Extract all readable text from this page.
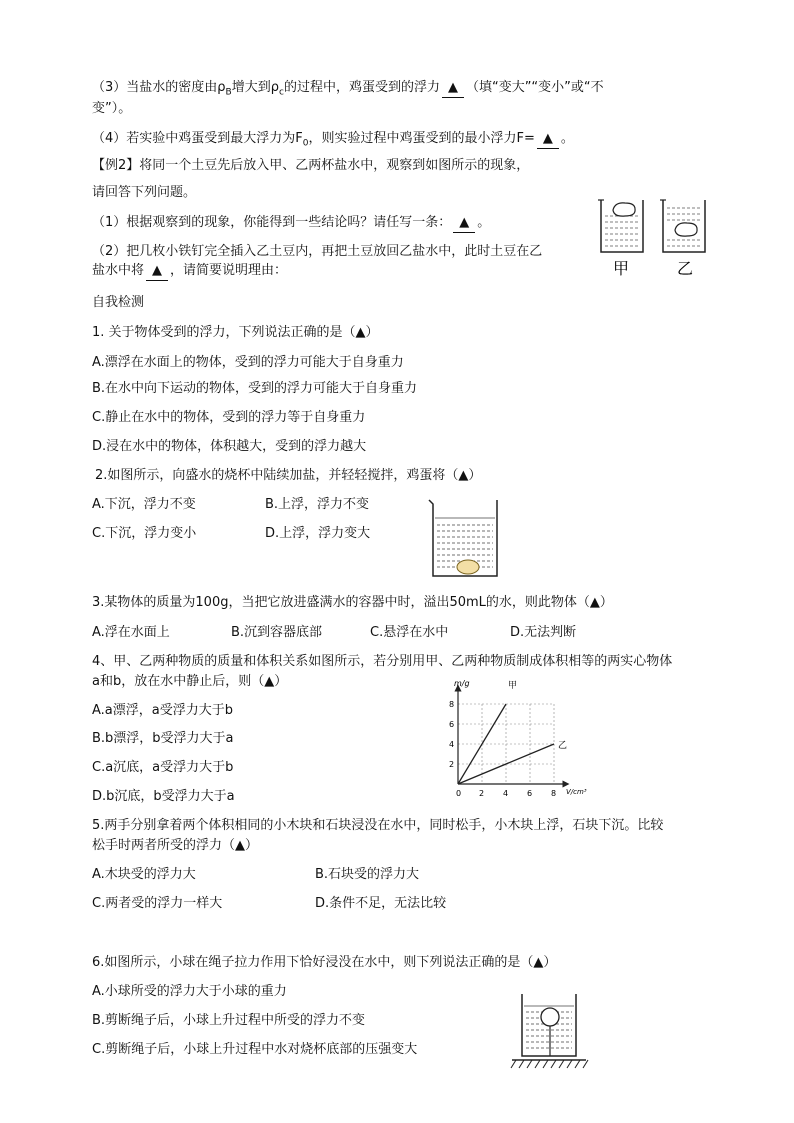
（3）当盐水的密度由$\rho_B$增大到$\rho_c$的过程中，鸡蛋受到的浮力 ▲ （填“变大”“变小”或“不
变”）。
（4）若实验中鸡蛋受到最大浮力为$F_0$，则实验过程中鸡蛋受到的最小浮力F= ▲ 。
【例2】将同一个土豆先后放入甲、乙两杯盐水中，观察到如图所示的现象，
请回答下列问题。
（1）根据观察到的现象，你能得到一些结论吗？请任写一条： ▲ 。
（2）把几枚小铁钉完全插入乙土豆内，再把土豆放回乙盐水中，此时土豆在乙
盐水中将 ▲ ，请简要说明理由：	甲	乙
自我检测
1. 关于物体受到的浮力，下列说法正确的是（▲）
A.漂浮在水面上的物体，受到的浮力可能大于自身重力
B.在水中向下运动的物体，受到的浮力可能大于自身重力
C.静止在水中的物体，受到的浮力等于自身重力
D.浸在水中的物体，体积越大，受到的浮力越大
2.如图所示，向盛水的烧杯中陆续加盐，并轻轻搅拌，鸡蛋将（▲）
A.下沉，浮力不变	B.上浮，浮力不变
C.下沉，浮力变小	D.上浮，浮力变大
3.某物体的质量为100g，当把它放进盛满水的容器中时，溢出50mL的水，则此物体（▲）
A.浮在水面上	B.沉到容器底部	C.悬浮在水中	D.无法判断
4、甲、乙两种物质的质量和体积关系如图所示，若分别用甲、乙两种物质制成体积相等的两实心物体
a和b，放在水中静止后，则（▲）
A.a漂浮，a受浮力大于b
B.b漂浮，b受浮力大于a
C.a沉底，a受浮力大于b
D.b沉底，b受浮力大于a
m/g
V/cm³
0 2 4 6 8
2
4
6
8
甲
乙
5.两手分别拿着两个体积相同的小木块和石块浸没在水中，同时松手，小木块上浮，石块下沉。比较
松手时两者所受的浮力（▲）
A.木块受的浮力大	B.石块受的浮力大
C.两者受的浮力一样大	D.条件不足，无法比较
6.如图所示，小球在绳子拉力作用下恰好浸没在水中，则下列说法正确的是（▲）
A.小球所受的浮力大于小球的重力
B.剪断绳子后，小球上升过程中所受的浮力不变
C.剪断绳子后，小球上升过程中水对烧杯底部的压强变大
